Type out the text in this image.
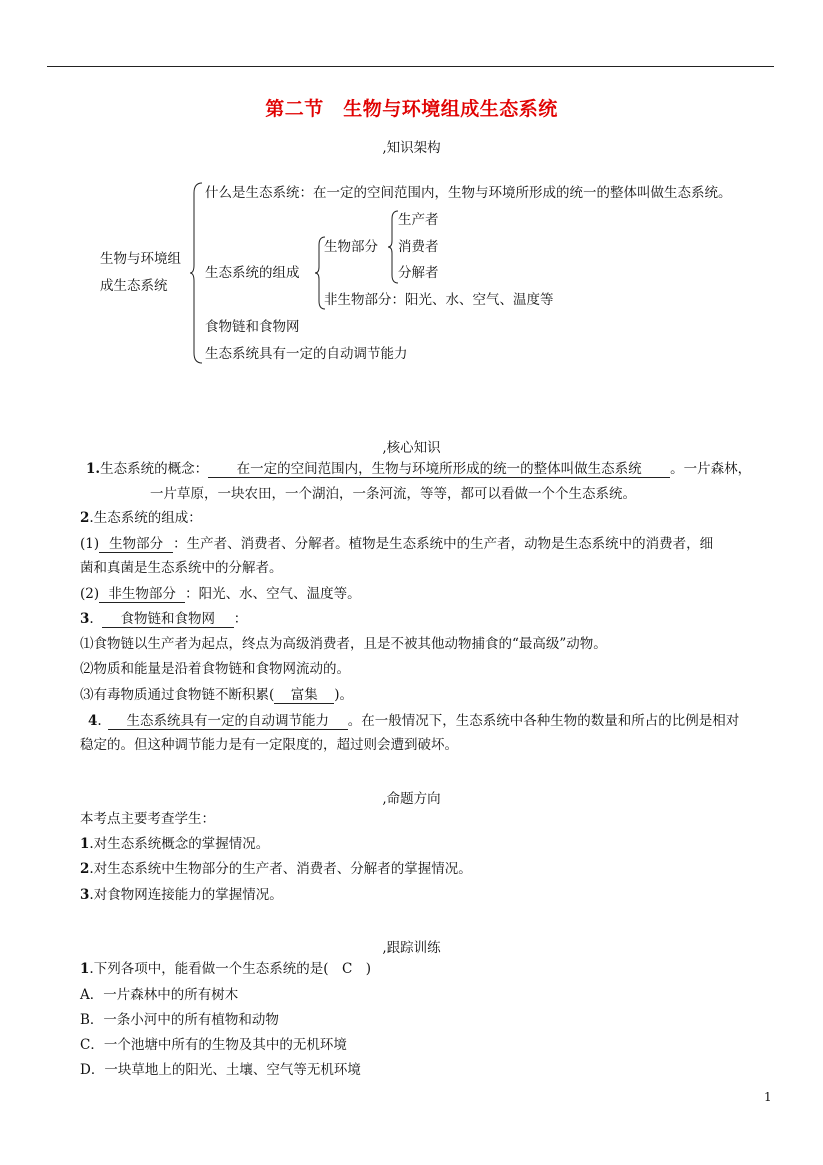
第二节　生物与环境组成生态系统
,知识架构
生物与环境组
成生态系统
什么是生态系统：在一定的空间范围内，生物与环境所形成的统一的整体叫做生态系统。
生态系统的组成
生物部分
生产者
消费者
分解者
非生物部分：阳光、水、空气、温度等
食物链和食物网
生态系统具有一定的自动调节能力
,核心知识
1.生态系统的概念： 在一定的空间范围内，生物与环境所形成的统一的整体叫做生态系统 。一片森林，
一片草原，一块农田，一个湖泊，一条河流，等等，都可以看做一个个生态系统。
2.生态系统的组成：
(1) 生物部分 ：生产者、消费者、分解者。植物是生态系统中的生产者，动物是生态系统中的消费者，细
菌和真菌是生态系统中的分解者。
(2) 非生物部分 ：阳光、水、空气、温度等。
3. 食物链和食物网 ：
⑴食物链以生产者为起点，终点为高级消费者，且是不被其他动物捕食的“最高级”动物。
⑵物质和能量是沿着食物链和食物网流动的。
⑶有毒物质通过食物链不断积累( 富集 )。
4. 生态系统具有一定的自动调节能力 。在一般情况下，生态系统中各种生物的数量和所占的比例是相对
稳定的。但这种调节能力是有一定限度的，超过则会遭到破坏。
,命题方向
本考点主要考查学生：
1.对生态系统概念的掌握情况。
2.对生态系统中生物部分的生产者、消费者、分解者的掌握情况。
3.对食物网连接能力的掌握情况。
,跟踪训练
1.下列各项中，能看做一个生态系统的是(　C　)
A．一片森林中的所有树木
B．一条小河中的所有植物和动物
C．一个池塘中所有的生物及其中的无机环境
D．一块草地上的阳光、土壤、空气等无机环境
1
